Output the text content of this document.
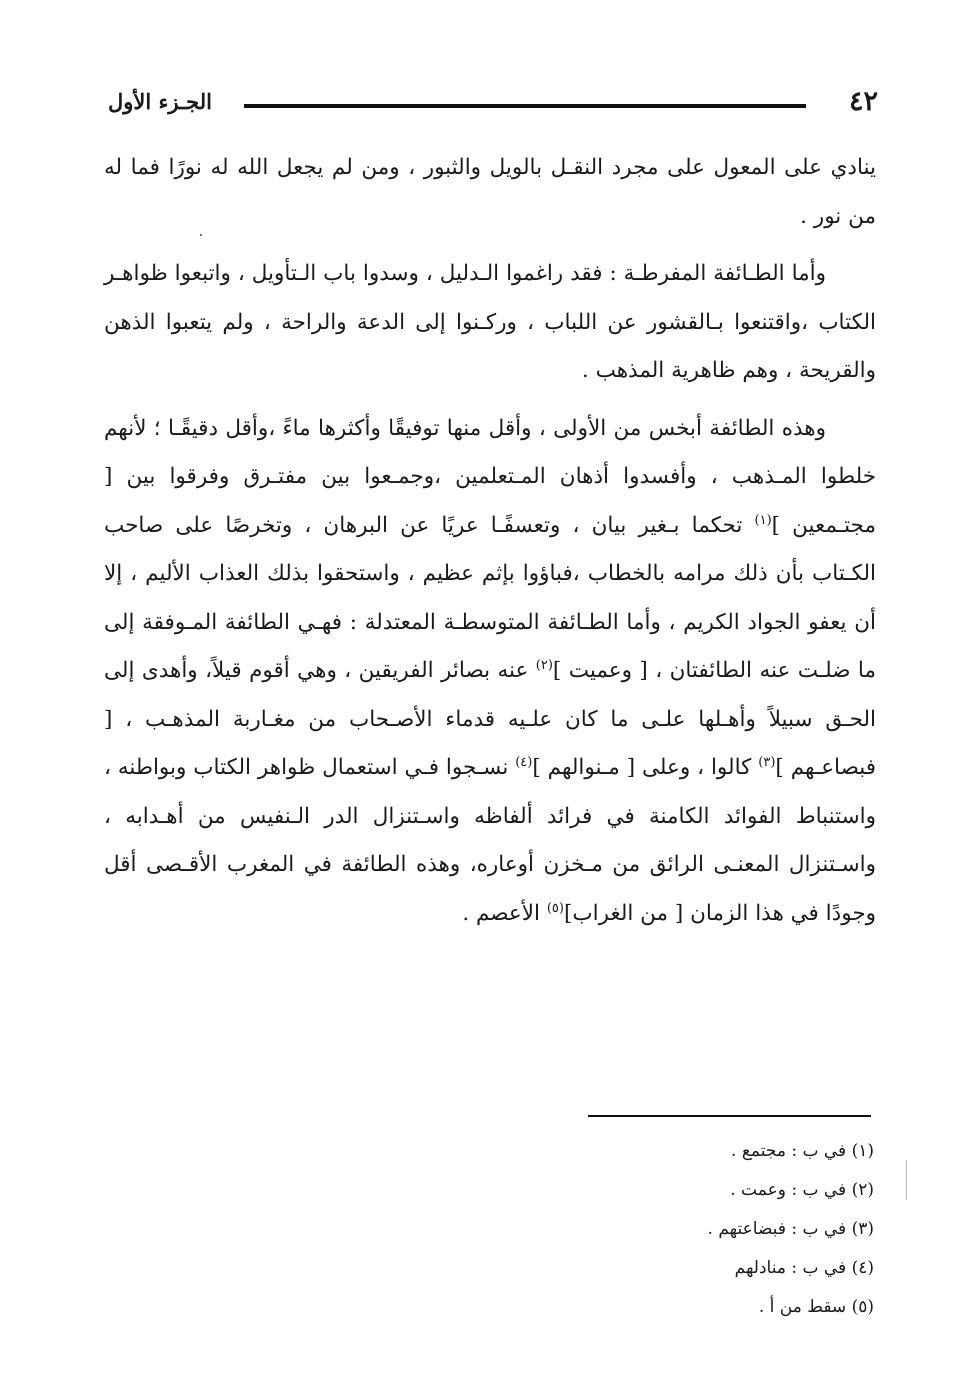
٤٢
الجـزء الأول

ينادي على المعول على مجرد النقـل بالويل والثبور ، ومن لم يجعل الله له نورًا فما له من نور .

وأما الطـائفة المفرطـة : فقد راغموا الـدليل ، وسدوا باب الـتأويل ، واتبعوا ظواهـر الكتاب ،واقتنعوا بـالقشور عن اللباب ، وركـنوا إلى الدعة والراحة ، ولم يتعبوا الذهن والقريحة ، وهم ظاهرية المذهب .

وهذه الطائفة أبخس من الأولى ، وأقل منها توفيقًا وأكثرها ماءً ،وأقل دقيقًـا ؛ لأنهم خلطوا المـذهب ، وأفسدوا أذهان المـتعلمين ،وجمـعوا بين مفتـرق وفرقوا بين [ مجتـمعين ]$^{(١)}$ تحكما بـغير بيان ، وتعسفًـا عريًا عن البرهان ، وتخرصًا على صاحب الكـتاب بأن ذلك مرامه بالخطاب ،فباؤوا بإثم عظيم ، واستحقوا بذلك العذاب الأليم ، إلا أن يعفو الجواد الكريم ، وأما الطـائفة المتوسطـة المعتدلة : فهـي الطائفة المـوفقة إلى ما ضلـت عنه الطائفتان ، [ وعميت ]$^{(٢)}$ عنه بصائر الفريقين ، وهي أقوم قيلاً، وأهدى إلى الحـق سبيلاً وأهـلها علـى ما كان علـيه قدماء الأصـحاب من مغـاربة المذهـب ، [ فبصاعـهم ]$^{(٣)}$ كالوا ، وعلى [ مـنوالهم ]$^{(٤)}$ نسـجوا فـي استعمال ظواهر الكتاب وبواطنه ، واستنباط الفوائد الكامنة في فرائد ألفاظه واسـتنزال الدر الـنفيس من أهـدابه ، واسـتنزال المعنـى الرائق من مـخزن أوعاره، وهذه الطائفة في المغرب الأقـصى أقل وجودًا في هذا الزمان [ من الغراب]$^{(٥)}$ الأعصم .

(١) في ب : مجتمع .
(٢) في ب : وعمت .
(٣) في ب : فبضاعتهم .
(٤) في ب : منادلهم
(٥) سقط من أ .
